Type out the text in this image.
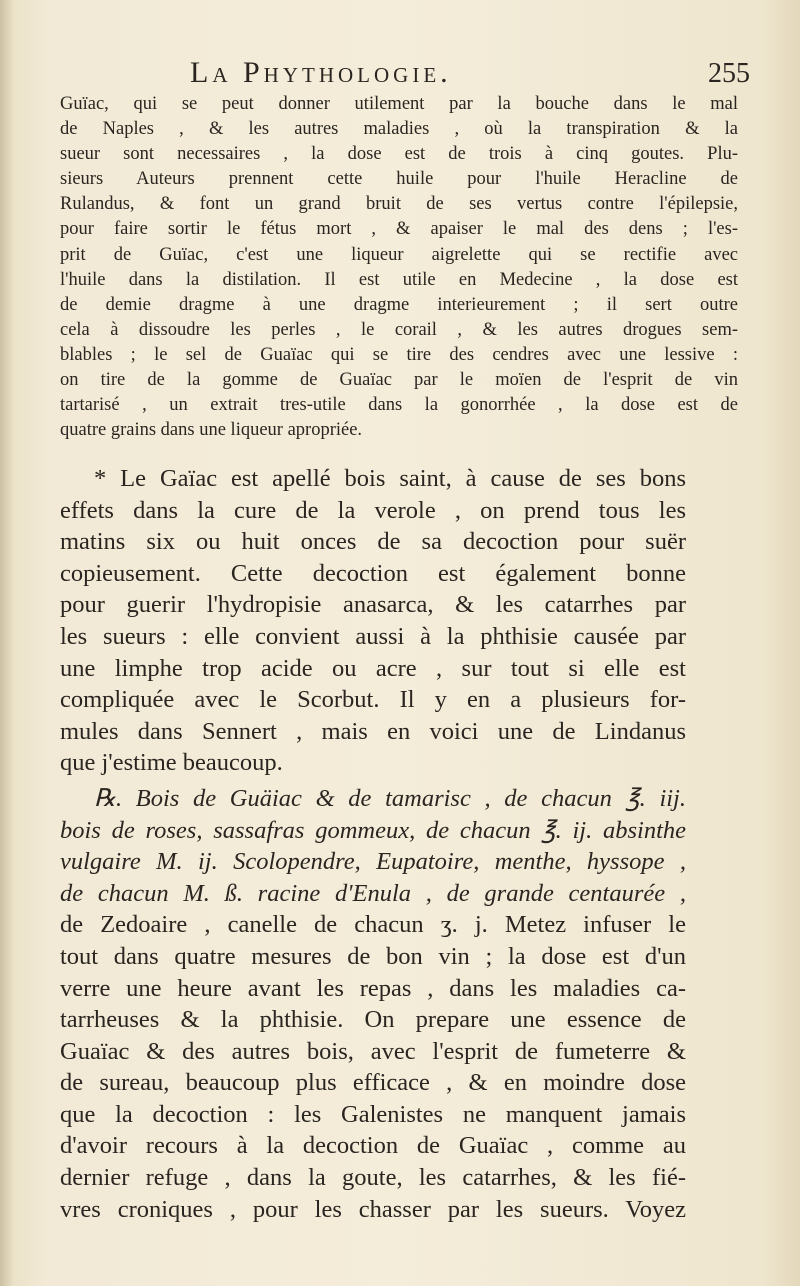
La Phythologie.	255
Guïac, qui se peut donner utilement par la bouche dans le mal
de Naples , & les autres maladies , où la transpiration & la
sueur sont necessaires , la dose est de trois à cinq goutes. Plu-
sieurs Auteurs prennent cette huile pour l'huile Heracline de
Rulandus, & font un grand bruit de ses vertus contre l'épilepsie,
pour faire sortir le fétus mort , & apaiser le mal des dens ; l'es-
prit de Guïac, c'est une liqueur aigrelette qui se rectifie avec
l'huile dans la distilation. Il est utile en Medecine , la dose est
de demie dragme à une dragme interieurement ; il sert outre
cela à dissoudre les perles , le corail , & les autres drogues sem-
blables ; le sel de Guaïac qui se tire des cendres avec une lessive :
on tire de la gomme de Guaïac par le moïen de l'esprit de vin
tartarisé , un extrait tres-utile dans la gonorrhée , la dose est de
quatre grains dans une liqueur apropriée.
* Le Gaïac est apellé bois saint, à cause de ses bons
effets dans la cure de la verole , on prend tous les
matins six ou huit onces de sa decoction pour suër
copieusement. Cette decoction est également bonne
pour guerir l'hydropisie anasarca, & les catarrhes par
les sueurs : elle convient aussi à la phthisie causée par
une limphe trop acide ou acre , sur tout si elle est
compliquée avec le Scorbut. Il y en a plusieurs for-
mules dans Sennert , mais en voici une de Lindanus
que j'estime beaucoup.
℞. Bois de Guäiac & de tamarisc , de chacun ℥. iij.
bois de roses, sassafras gommeux, de chacun ℥. ij. absinthe
vulgaire M. ij. Scolopendre, Eupatoire, menthe, hyssope ,
de chacun M. ß. racine d'Enula , de grande centaurée ,
de Zedoaire , canelle de chacun ʒ. j. Metez infuser le
tout dans quatre mesures de bon vin ; la dose est d'un
verre une heure avant les repas , dans les maladies ca-
tarrheuses & la phthisie. On prepare une essence de
Guaïac & des autres bois, avec l'esprit de fumeterre &
de sureau, beaucoup plus efficace , & en moindre dose
que la decoction : les Galenistes ne manquent jamais
d'avoir recours à la decoction de Guaïac , comme au
dernier refuge , dans la goute, les catarrhes, & les fié-
vres croniques , pour les chasser par les sueurs. Voyez
